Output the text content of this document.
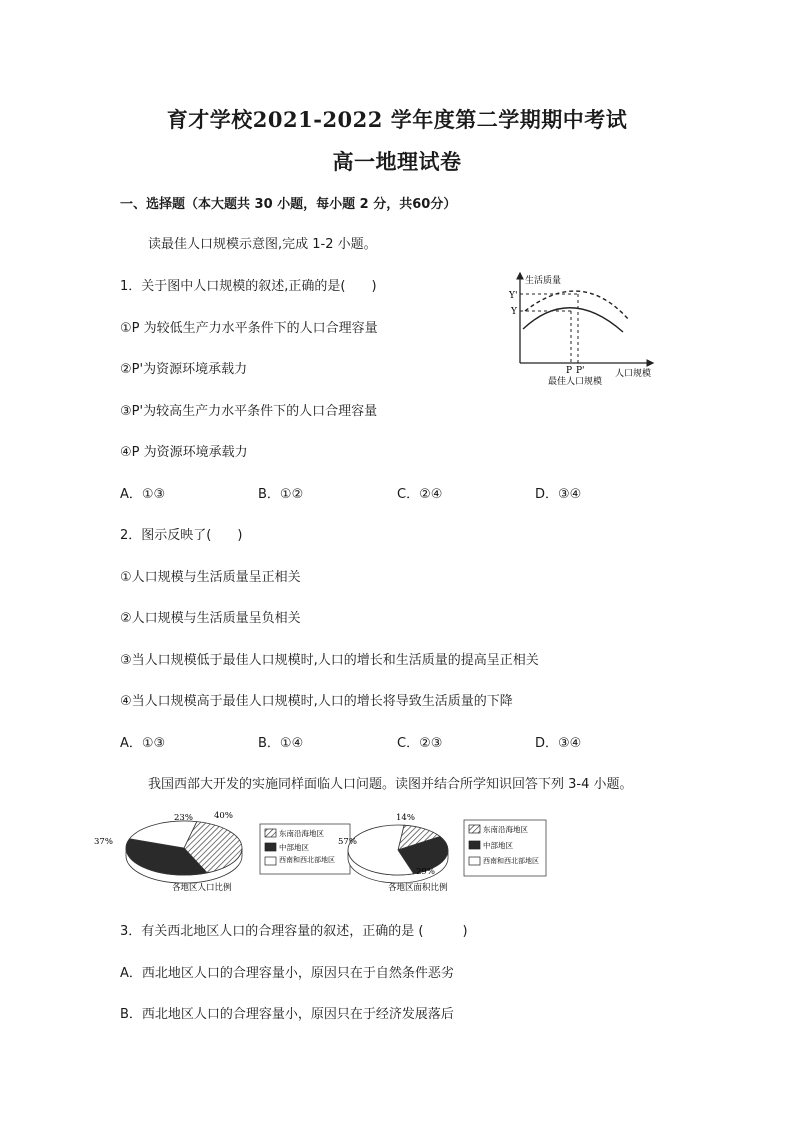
育才学校2021-2022 学年度第二学期期中考试
高一地理试卷
一、选择题（本大题共 30 小题，每小题 2 分，共60分）
读最佳人口规模示意图,完成 1-2 小题。
1．关于图中人口规模的叙述,正确的是(　　)
①P 为较低生产力水平条件下的人口合理容量
②P'为资源环境承载力
③P'为较高生产力水平条件下的人口合理容量
④P 为资源环境承载力
A．①③	B．①②	C．②④	D．③④
生活质量
Y'
Y
P P'
最佳人口规模
人口规模
2．图示反映了(　　)
①人口规模与生活质量呈正相关
②人口规模与生活质量呈负相关
③当人口规模低于最佳人口规模时,人口的增长和生活质量的提高呈正相关
④当人口规模高于最佳人口规模时,人口的增长将导致生活质量的下降
A．①③	B．①④	C．②③	D．③④
我国西部大开发的实施同样面临人口问题。读图并结合所学知识回答下列 3-4 小题。
40%
37%
23%
东南沿海地区
中部地区
西南和西北部地区
各地区人口比例
14%
29%
57%
东南沿海地区
中部地区
西南和西北部地区
各地区面积比例
3．有关西北地区人口的合理容量的叙述，正确的是 (　　　)
A．西北地区人口的合理容量小，原因只在于自然条件恶劣
B．西北地区人口的合理容量小，原因只在于经济发展落后
